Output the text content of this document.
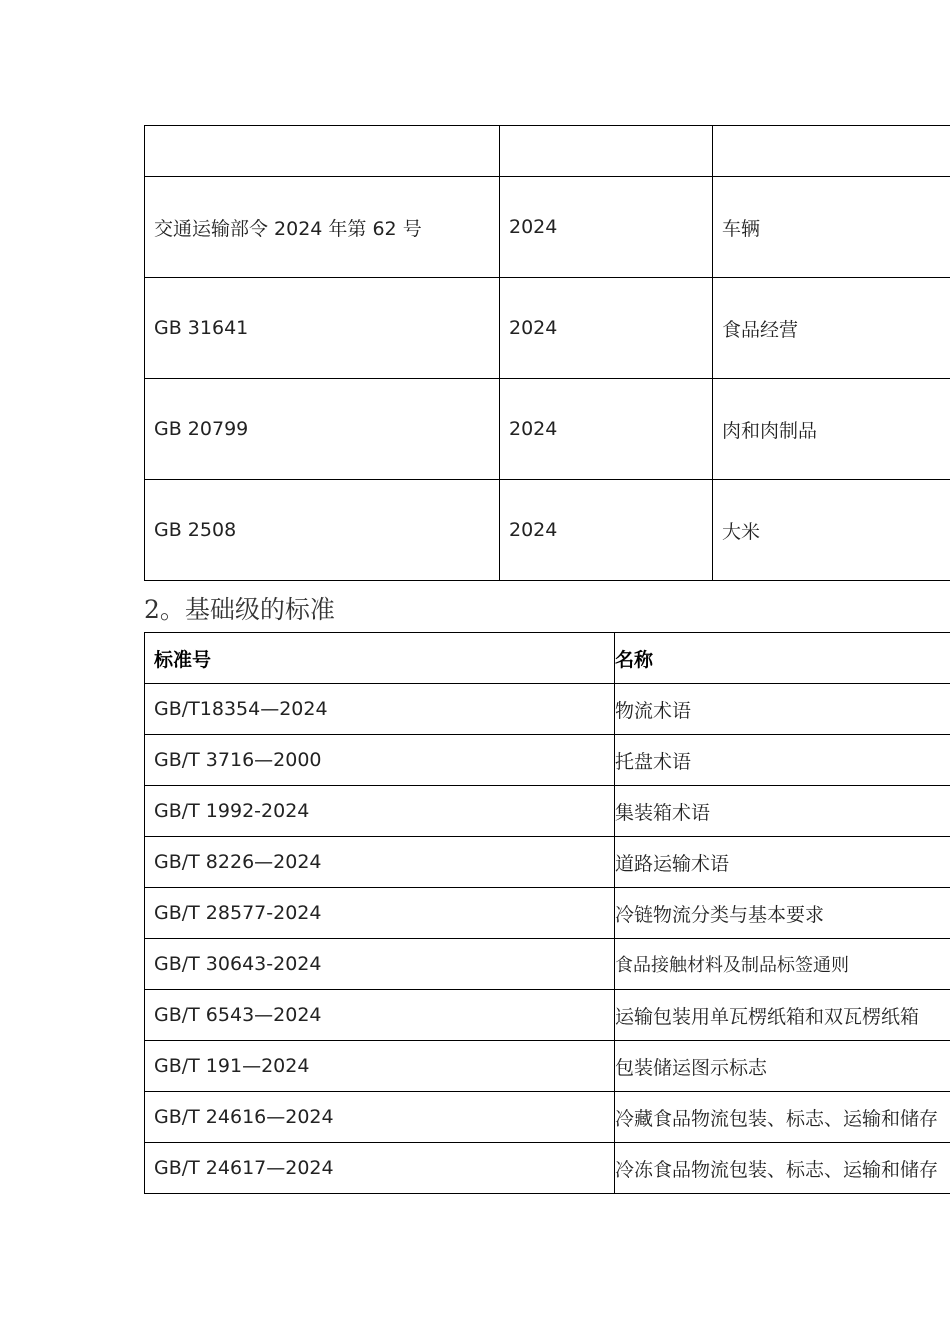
交通运输部令 2024 年第 62 号	2024	车辆
GB 31641	2024	食品经营
GB 20799	2024	肉和肉制品
GB 2508	2024	大米
2。基础级的标准
标准号	名称
GB/T18354—2024	物流术语
GB/T 3716—2000	托盘术语
GB/T 1992-2024	集装箱术语
GB/T 8226—2024	道路运输术语
GB/T 28577-2024	冷链物流分类与基本要求
GB/T 30643-2024	食品接触材料及制品标签通则
GB/T 6543—2024	运输包装用单瓦楞纸箱和双瓦楞纸箱
GB/T 191—2024	包装储运图示标志
GB/T 24616—2024	冷藏食品物流包装、标志、运输和储存
GB/T 24617—2024	冷冻食品物流包装、标志、运输和储存
